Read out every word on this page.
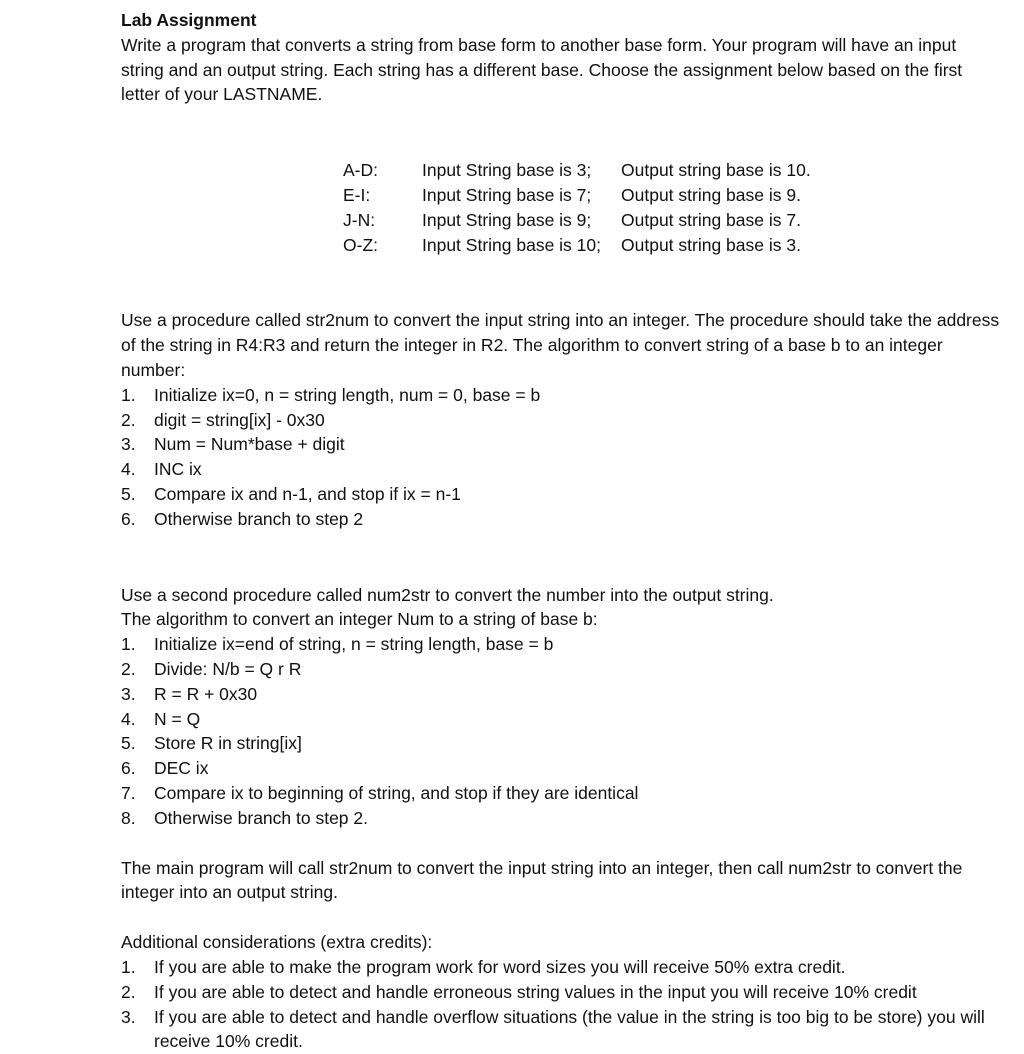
Lab Assignment

Write a program that converts a string from base form to another base form. Your program will have an input string and an output string. Each string has a different base. Choose the assignment below based on the first letter of your LASTNAME.

A-D:	Input String base is 3;	Output string base is 10.
E-I:	Input String base is 7;	Output string base is 9.
J-N:	Input String base is 9;	Output string base is 7.
O-Z:	Input String base is 10;	Output string base is 3.

Use a procedure called str2num to convert the input string into an integer. The procedure should take the address of the string in R4:R3 and return the integer in R2. The algorithm to convert string of a base b to an integer number:

1. Initialize ix=0, n = string length, num = 0, base = b
2. digit = string[ix] - 0x30
3. Num = Num*base + digit
4. INC ix
5. Compare ix and n-1, and stop if ix = n-1
6. Otherwise branch to step 2

Use a second procedure called num2str to convert the number into the output string.

The algorithm to convert an integer Num to a string of base b:

1. Initialize ix=end of string, n = string length, base = b
2. Divide: N/b = Q r R
3. R = R + 0x30
4. N = Q
5. Store R in string[ix]
6. DEC ix
7. Compare ix to beginning of string, and stop if they are identical
8. Otherwise branch to step 2.

The main program will call str2num to convert the input string into an integer, then call num2str to convert the integer into an output string.

Additional considerations (extra credits):

1. If you are able to make the program work for word sizes you will receive 50% extra credit.
2. If you are able to detect and handle erroneous string values in the input you will receive 10% credit
3. If you are able to detect and handle overflow situations (the value in the string is too big to be store) you will receive 10% credit.
